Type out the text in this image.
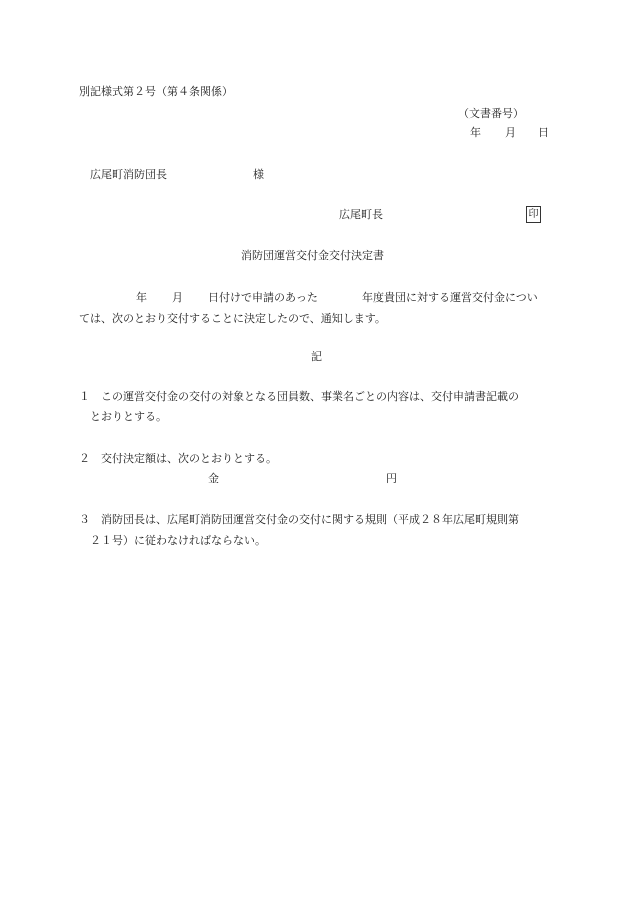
別記様式第２号（第４条関係）
（文書番号）
年 月 日
広尾町消防団長	様
広尾町長	印
消防団運営交付金交付決定書
年 月 日付けで申請のあった	年度貴団に対する運営交付金につい
ては、次のとおり交付することに決定したので、通知します。
記
１ この運営交付金の交付の対象となる団員数、事業名ごとの内容は、交付申請書記載の
とおりとする。
２ 交付決定額は、次のとおりとする。
金	円
３ 消防団長は、広尾町消防団運営交付金の交付に関する規則（平成２８年広尾町規則第
２１号）に従わなければならない。
